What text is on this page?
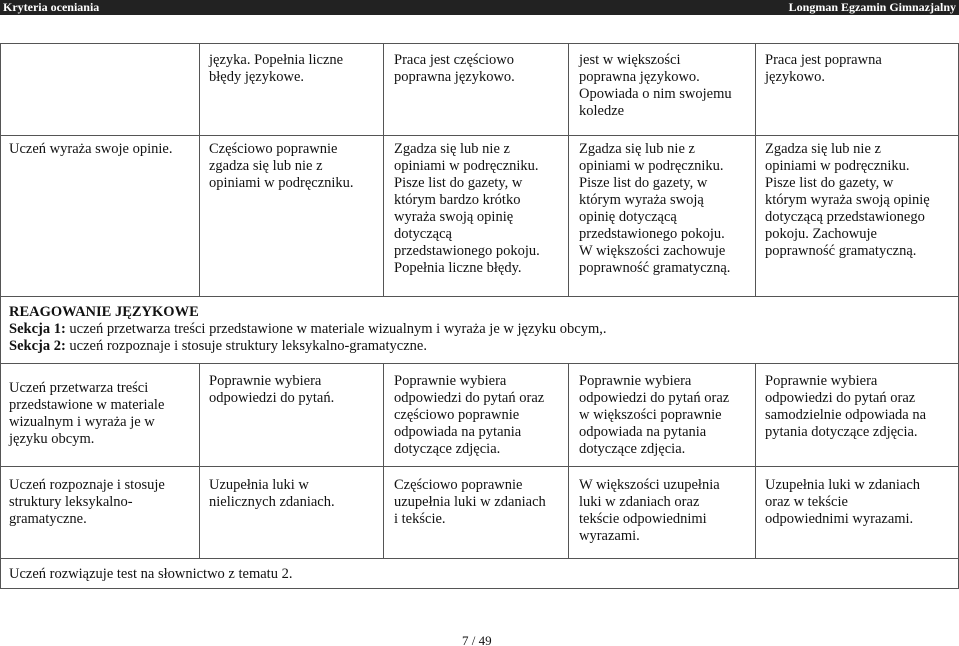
Kryteria oceniania	Longman Egzamin Gimnazjalny
języka. Popełnia liczne
błędy językowe.
Praca jest częściowo
poprawna językowo.
jest w większości
poprawna językowo.
Opowiada o nim swojemu
koledze
Praca jest poprawna
językowo.
Uczeń wyraża swoje opinie.	Częściowo poprawnie
zgadza się lub nie z
opiniami w podręczniku.
Zgadza się lub nie z
opiniami w podręczniku.
Pisze list do gazety, w
którym bardzo krótko
wyraża swoją opinię
dotyczącą
przedstawionego pokoju.
Popełnia liczne błędy.
Zgadza się lub nie z
opiniami w podręczniku.
Pisze list do gazety, w
którym wyraża swoją
opinię dotyczącą
przedstawionego pokoju.
W większości zachowuje
poprawność gramatyczną.
Zgadza się lub nie z
opiniami w podręczniku.
Pisze list do gazety, w
którym wyraża swoją opinię
dotyczącą przedstawionego
pokoju. Zachowuje
poprawność gramatyczną.
REAGOWANIE JĘZYKOWE
Sekcja 1: uczeń przetwarza treści przedstawione w materiale wizualnym i wyraża je w języku obcym,.
Sekcja 2: uczeń rozpoznaje i stosuje struktury leksykalno-gramatyczne.
Uczeń przetwarza treści
przedstawione w materiale
wizualnym i wyraża je w
języku obcym.
Poprawnie wybiera
odpowiedzi do pytań.
Poprawnie wybiera
odpowiedzi do pytań oraz
częściowo poprawnie
odpowiada na pytania
dotyczące zdjęcia.
Poprawnie wybiera
odpowiedzi do pytań oraz
w większości poprawnie
odpowiada na pytania
dotyczące zdjęcia.
Poprawnie wybiera
odpowiedzi do pytań oraz
samodzielnie odpowiada na
pytania dotyczące zdjęcia.
Uczeń rozpoznaje i stosuje
struktury leksykalno-
gramatyczne.
Uzupełnia luki w
nielicznych zdaniach.
Częściowo poprawnie
uzupełnia luki w zdaniach
i tekście.
W większości uzupełnia
luki w zdaniach oraz
tekście odpowiednimi
wyrazami.
Uzupełnia luki w zdaniach
oraz w tekście
odpowiednimi wyrazami.
Uczeń rozwiązuje test na słownictwo z tematu 2.
7 / 49
